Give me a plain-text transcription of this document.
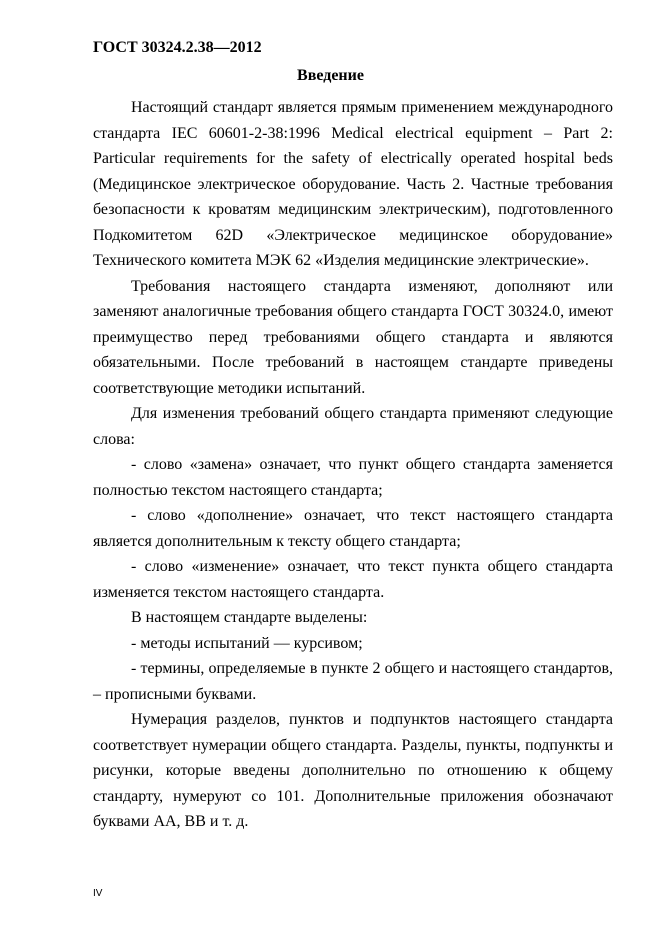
ГОСТ 30324.2.38—2012
Введение

Настоящий стандарт является прямым применением международного стандарта IEC 60601-2-38:1996 Medical electrical equipment – Part 2: Particular requirements for the safety of electrically operated hospital beds (Медицинское электрическое оборудование. Часть 2. Частные требования безопасности к кроватям медицинским электрическим), подготовленного Подкомитетом 62D «Электрическое медицинское оборудование» Технического комитета МЭК 62 «Изделия медицинские электрические».

Требования настоящего стандарта изменяют, дополняют или заменяют аналогичные требования общего стандарта ГОСТ 30324.0, имеют преимущество перед требованиями общего стандарта и являются обязательными. После требований в настоящем стандарте приведены соответствующие методики испытаний.

Для изменения требований общего стандарта применяют следующие слова:

- слово «замена» означает, что пункт общего стандарта заменяется полностью текстом настоящего стандарта;

- слово «дополнение» означает, что текст настоящего стандарта является дополнительным к тексту общего стандарта;

- слово «изменение» означает, что текст пункта общего стандарта изменяется текстом настоящего стандарта.

В настоящем стандарте выделены:

- методы испытаний — курсивом;

- термины, определяемые в пункте 2 общего и настоящего стандартов, – прописными буквами.

Нумерация разделов, пунктов и подпунктов настоящего стандарта соответствует нумерации общего стандарта. Разделы, пункты, подпункты и рисунки, которые введены дополнительно по отношению к общему стандарту, нумеруют со 101. Дополнительные приложения обозначают буквами АА, ВВ и т. д.

IV
